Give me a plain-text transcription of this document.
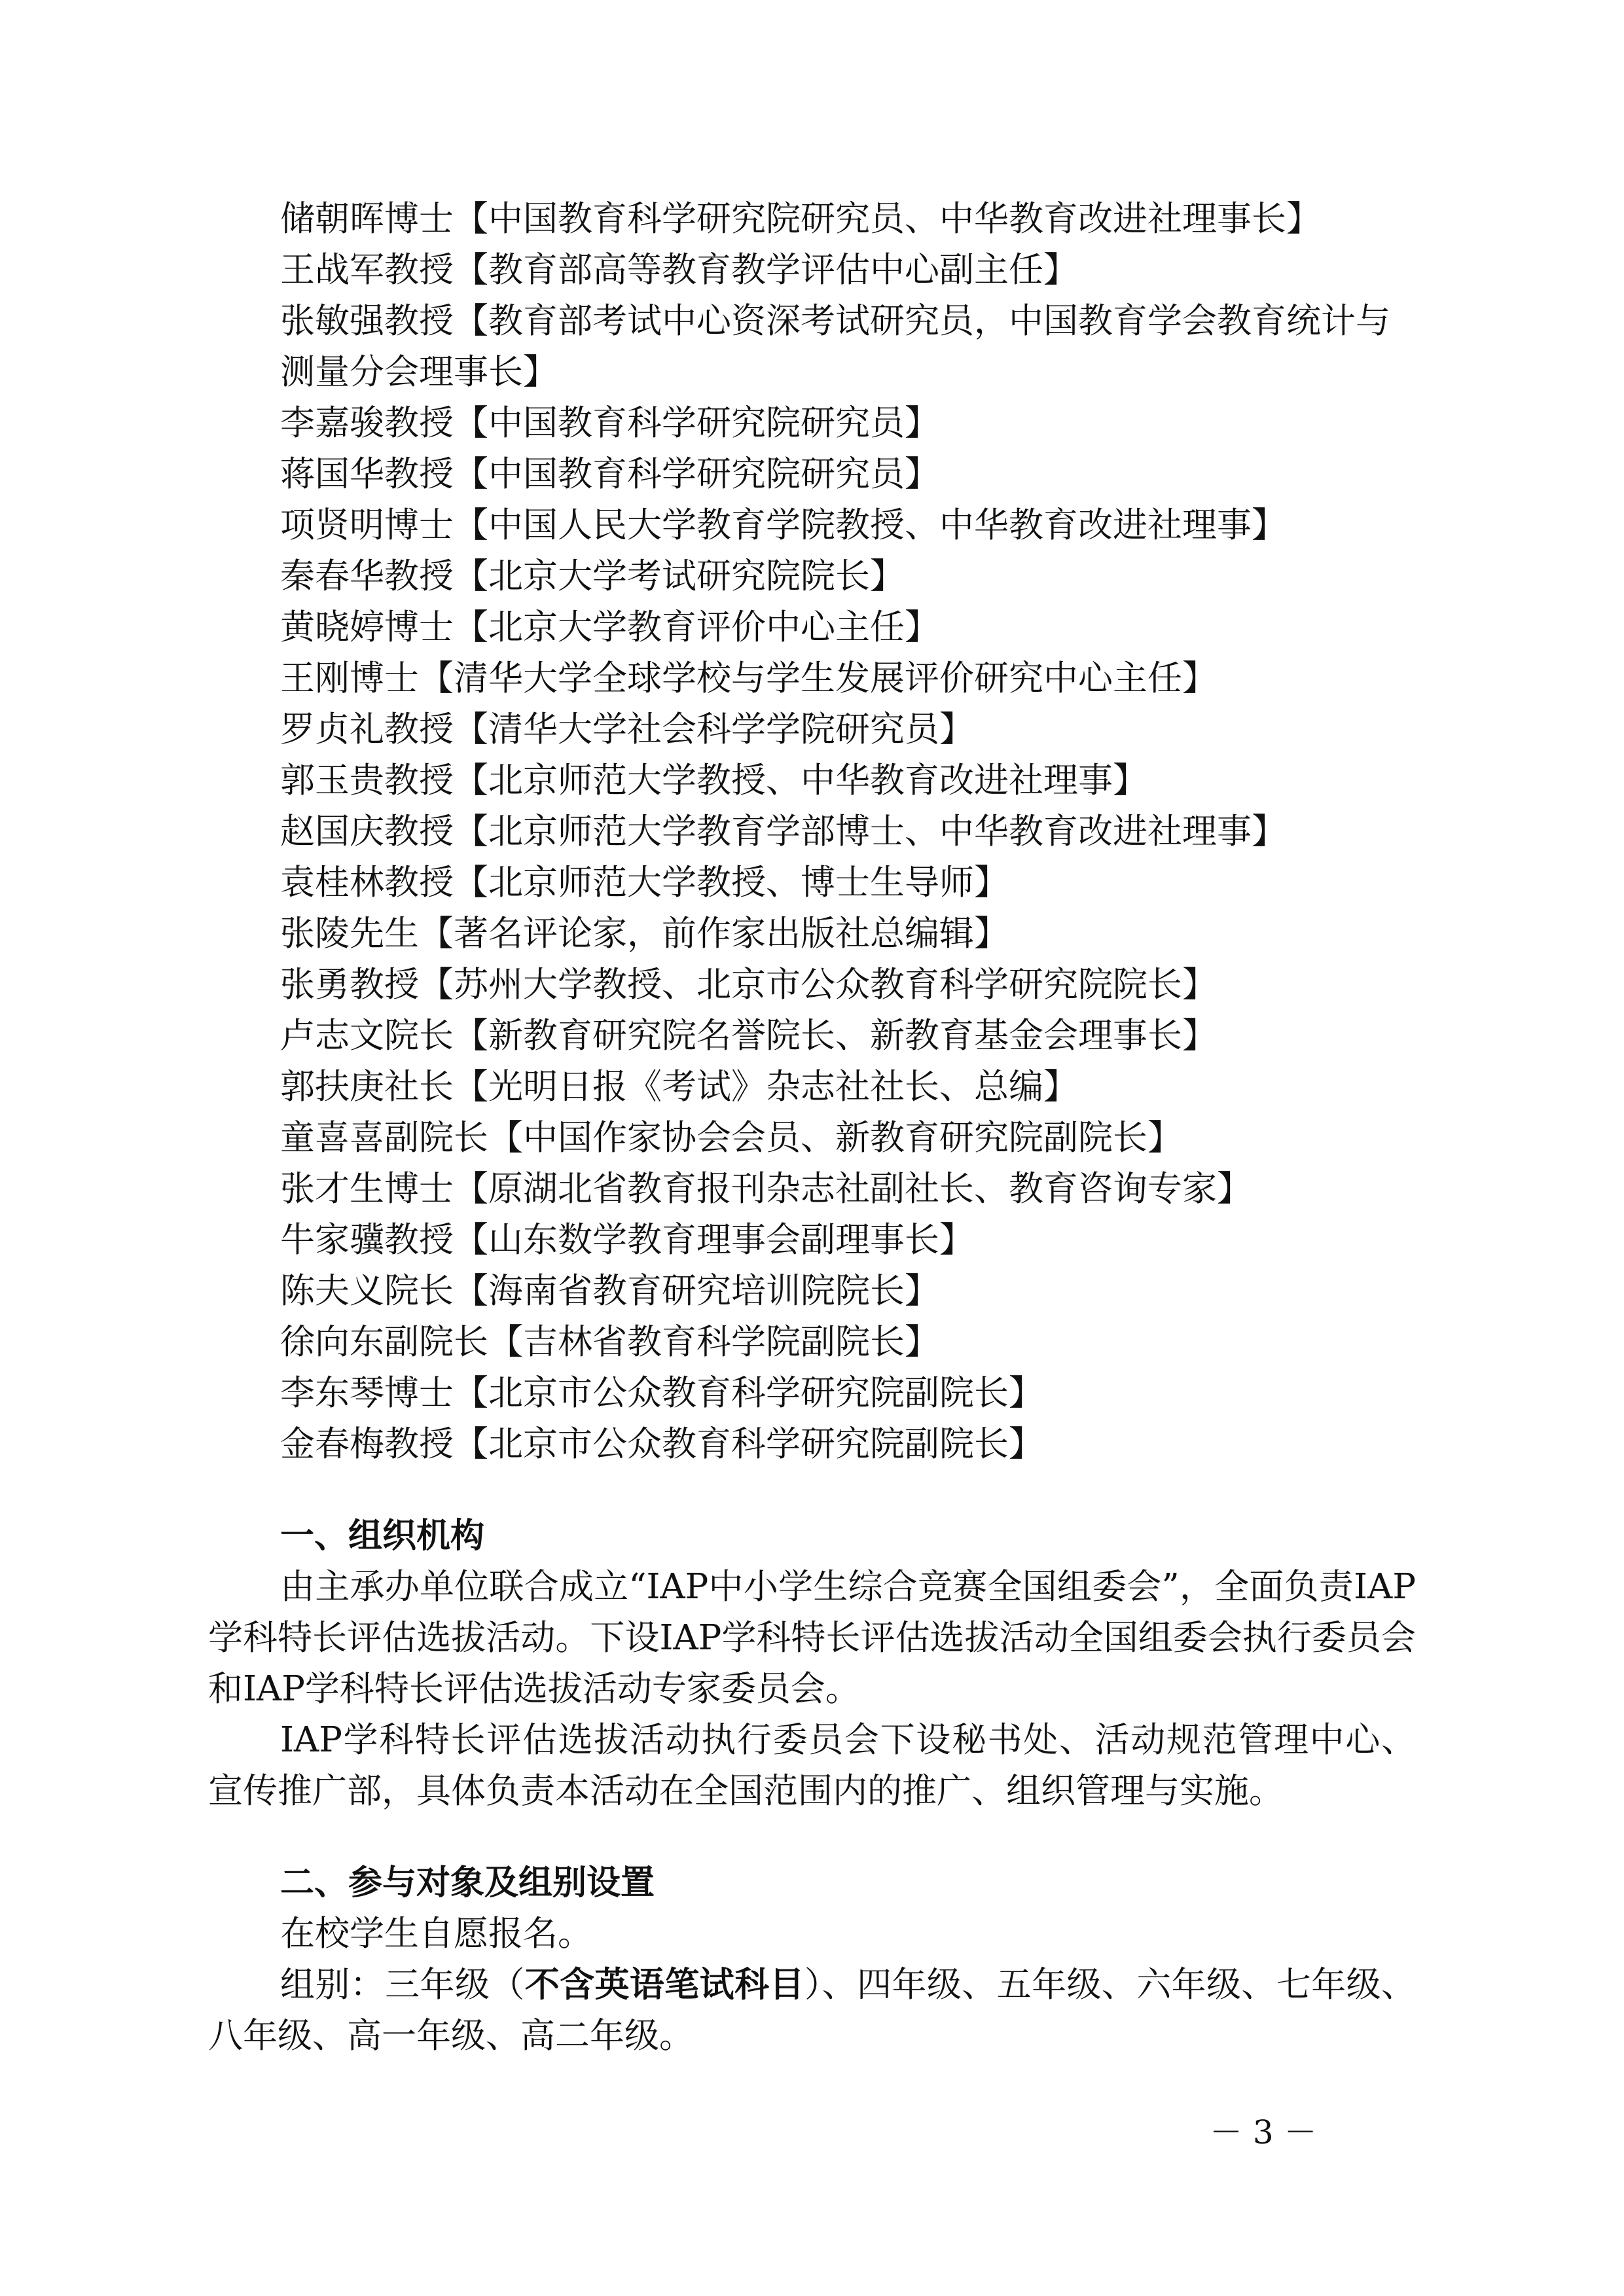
储朝晖博士【中国教育科学研究院研究员、中华教育改进社理事长】
王战军教授【教育部高等教育教学评估中心副主任】
张敏强教授【教育部考试中心资深考试研究员，中国教育学会教育统计与测量分会理事长】
李嘉骏教授【中国教育科学研究院研究员】
蒋国华教授【中国教育科学研究院研究员】
项贤明博士【中国人民大学教育学院教授、中华教育改进社理事】
秦春华教授【北京大学考试研究院院长】
黄晓婷博士【北京大学教育评价中心主任】
王刚博士【清华大学全球学校与学生发展评价研究中心主任】
罗贞礼教授【清华大学社会科学学院研究员】
郭玉贵教授【北京师范大学教授、中华教育改进社理事】
赵国庆教授【北京师范大学教育学部博士、中华教育改进社理事】
袁桂林教授【北京师范大学教授、博士生导师】
张陵先生【著名评论家，前作家出版社总编辑】
张勇教授【苏州大学教授、北京市公众教育科学研究院院长】
卢志文院长【新教育研究院名誉院长、新教育基金会理事长】
郭扶庚社长【光明日报《考试》杂志社社长、总编】
童喜喜副院长【中国作家协会会员、新教育研究院副院长】
张才生博士【原湖北省教育报刊杂志社副社长、教育咨询专家】
牛家骥教授【山东数学教育理事会副理事长】
陈夫义院长【海南省教育研究培训院院长】
徐向东副院长【吉林省教育科学院副院长】
李东琴博士【北京市公众教育科学研究院副院长】
金春梅教授【北京市公众教育科学研究院副院长】
一、组织机构

由主承办单位联合成立“IAP中小学生综合竞赛全国组委会”，全面负责IAP学科特长评估选拔活动。下设IAP学科特长评估选拔活动全国组委会执行委员会和IAP学科特长评估选拔活动专家委员会。

IAP学科特长评估选拔活动执行委员会下设秘书处、活动规范管理中心、宣传推广部，具体负责本活动在全国范围内的推广、组织管理与实施。

二、参与对象及组别设置

在校学生自愿报名。

组别：三年级（不含英语笔试科目）、四年级、五年级、六年级、七年级、八年级、高一年级、高二年级。

－ 3 －
